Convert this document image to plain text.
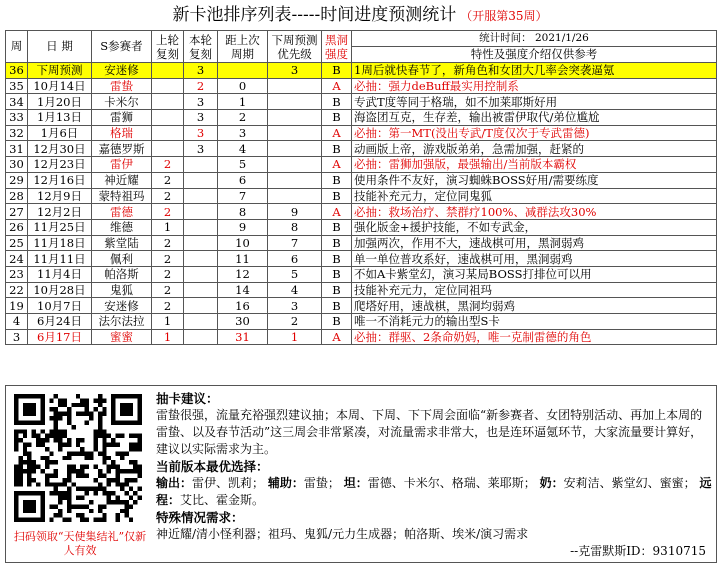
新卡池排序列表-----时间进度预测统计 （开服第35周）
周	日 期	S参赛者	上轮复刻	本轮复刻	距上次周期	下周预测优先级	黑洞强度	统计时间： 2021/1/26
								特性及强度介绍仅供参考
36	下周预测	安迷修		3		3	B	1周后就快春节了，新角色和女团大几率会突袭逼氪
35	10月14日	雷蛰		2	0		A	必抽：强力deBuff最实用控制系
34	1月20日	卡米尔		3	1		B	专武T度等同于格瑞，如不加莱耶斯好用
33	1月13日	雷狮		3	2		B	海盗团互克，生存差，输出被雷伊取代/弟位尴尬
32	1月6日	格瑞		3	3		A	必抽：第一MT(没出专武/T度仅次于专武雷德)
31	12月30日	嘉德罗斯		3	4		B	动画版上帝，游戏版弟弟，急需加强，赶紧的
30	12月23日	雷伊	2		5		A	必抽：雷狮加强版，最强输出/当前版本霸权
29	12月16日	神近耀	2		6		B	使用条件不友好，演习蜘蛛BOSS好用/需要练度
28	12月9日	蒙特祖玛	2		7		B	技能补充元力，定位同鬼狐
27	12月2日	雷德	2		8	9	A	必抽：救场治疗、禁群疗100%、减群法攻30%
26	11月25日	维德	1		9	8	B	强化版金+援护技能，不如专武金，
25	11月18日	紫堂陆	2		10	7	B	加强两次，作用不大，速战棋可用，黑洞弱鸡
24	11月11日	佩利	2		11	6	B	单一单位普攻系好，速战棋可用，黑洞弱鸡
23	11月4日	帕洛斯	2		12	5	B	不如A卡紫堂幻，演习某局BOSS打排位可以用
22	10月28日	鬼狐	2		14	4	B	技能补充元力，定位同祖玛
19	10月7日	安迷修	2		16	3	B	爬塔好用，速战棋，黑洞均弱鸡
4	6月24日	法尔法拉	1		30	2	B	唯一不消耗元力的输出型S卡
3	6月17日	蜜蜜	1		31	1	A	必抽：群驱、2条命奶妈，唯一克制雷德的角色
扫码领取“天使集结礼”仅新人有效

抽卡建议：

雷蛰很强，流量充裕强烈建议抽；本周、下周、下下周会面临“新参赛者、女团特别活动、再加上本周的雷蛰、以及春节活动”这三周会非常紧凑，对流量需求非常大，也是连环逼氪环节，大家流量要计算好，建议以实际需求为主。

当前版本最优选择：

输出：雷伊、凯莉； 辅助：雷蛰； 坦：雷德、卡米尔、格瑞、莱耶斯； 奶：安莉洁、紫堂幻、蜜蜜； 远程：艾比、霍金斯。

特殊情况需求：

神近耀/清小怪利器；祖玛、鬼狐/元力生成器；帕洛斯、埃米/演习需求

--克雷默斯ID：9310715
